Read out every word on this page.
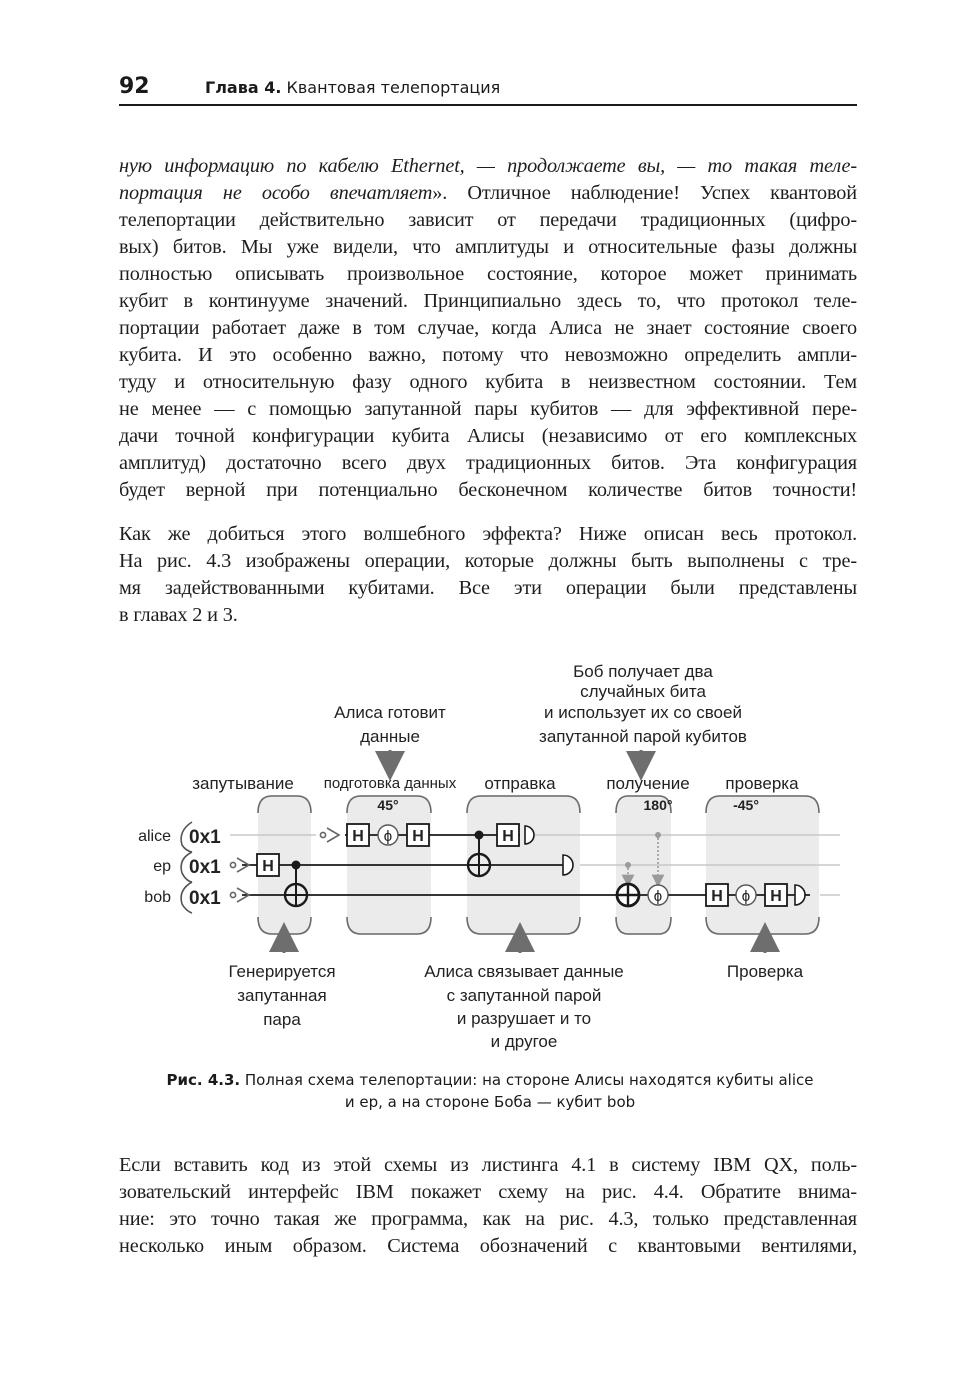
92	Глава 4. Квантовая телепортация
ную информацию по кабелю Ethernet, — продолжаете вы, — то такая теле-
портация не особо впечатляет». Отличное наблюдение! Успех квантовой
телепортации действительно зависит от передачи традиционных (цифро-
вых) битов. Мы уже видели, что амплитуды и относительные фазы должны
полностью описывать произвольное состояние, которое может принимать
кубит в континууме значений. Принципиально здесь то, что протокол теле-
портации работает даже в том случае, когда Алиса не знает состояние своего
кубита. И это особенно важно, потому что невозможно определить ампли-
туду и относительную фазу одного кубита в неизвестном состоянии. Тем
не менее — с помощью запутанной пары кубитов — для эффективной пере-
дачи точной конфигурации кубита Алисы (независимо от его комплексных
амплитуд) достаточно всего двух традиционных битов. Эта конфигурация
будет верной при потенциально бесконечном количестве битов точности!
Как же добиться этого волшебного эффекта? Ниже описан весь протокол.
На рис. 4.3 изображены операции, которые должны быть выполнены с тре-
мя задействованными кубитами. Все эти операции были представлены
в главах 2 и 3.
Алиса готовит
данные
Боб получает два
случайных бита
и использует их со своей
запутанной парой кубитов
запутывание подготовка данных отправка	получение проверка
45°	180°	-45°
alice
ep
bob
0x1
0x1
0x1
H
H ϕ H	H
ϕ	H ϕ H
Генерируется
запутанная
пара
Алиса связывает данные
с запутанной парой
и разрушает и то
и другое
Проверка
Рис. 4.3. Полная схема телепортации: на стороне Алисы находятся кубиты alice
и ep, а на стороне Боба — кубит bob
Если вставить код из этой схемы из листинга 4.1 в систему IBM QX, поль-
зовательский интерфейс IBM покажет схему на рис. 4.4. Обратите внима-
ние: это точно такая же программа, как на рис. 4.3, только представленная
несколько иным образом. Система обозначений с квантовыми вентилями,
